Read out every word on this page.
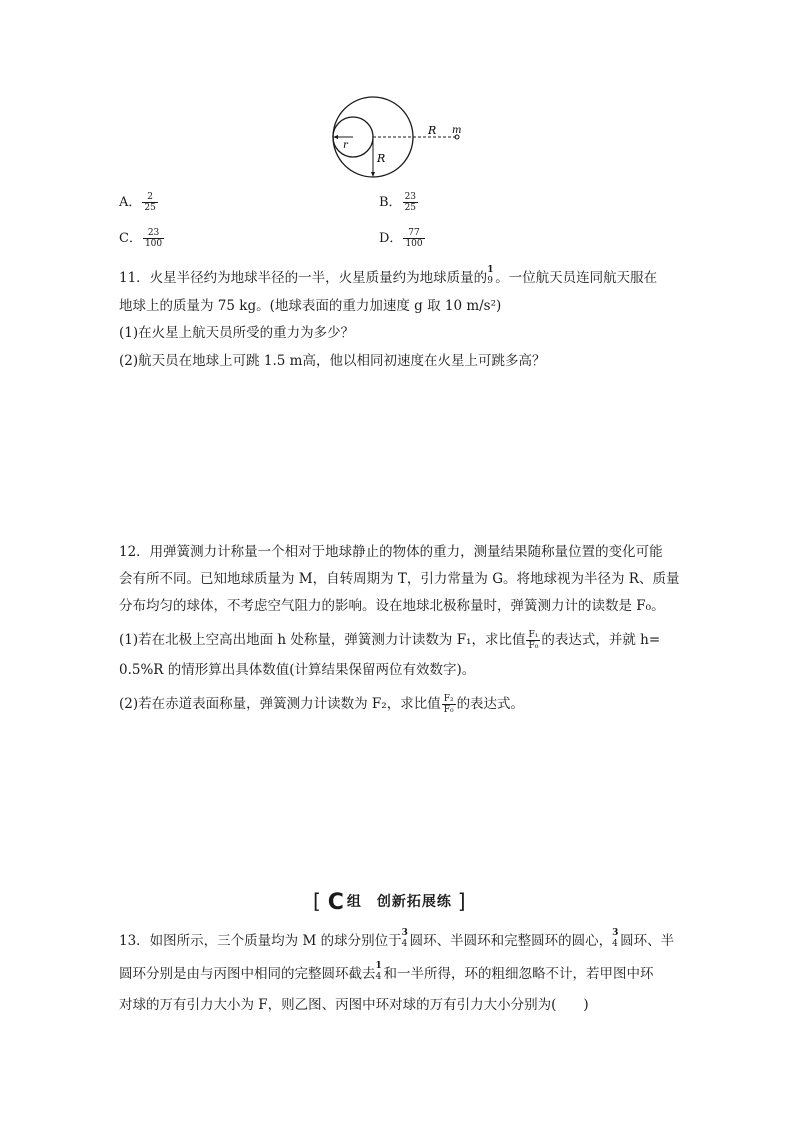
R m
r
R
A． $\frac{2}{25}$	B． $\frac{23}{25}$
C． $\frac{23}{100}$	D． $\frac{77}{100}$
11．火星半径约为地球半径的一半，火星质量约为地球质量的 1
9 。一位航天员连同航天服在
地球上的质量为 75 kg。(地球表面的重力加速度 g 取 10 m/s²)
(1)在火星上航天员所受的重力为多少？
(2)航天员在地球上可跳 1.5 m高，他以相同初速度在火星上可跳多高？
12．用弹簧测力计称量一个相对于地球静止的物体的重力，测量结果随称量位置的变化可能
会有所不同。已知地球质量为 M，自转周期为 T，引力常量为 G。将地球视为半径为 R、质量
分布均匀的球体，不考虑空气阻力的影响。设在地球北极称量时，弹簧测力计的读数是 F₀。
(1)若在北极上空高出地面 h 处称量，弹簧测力计读数为 F₁，求比值 $\frac{\text{F₁}}{\text{F₀}}$ 的表达式，并就 h=
0.5%R 的情形算出具体数值(计算结果保留两位有效数字)。
(2)若在赤道表面称量，弹簧测力计读数为 F₂，求比值 $\frac{\text{F₂}}{\text{F₀}}$ 的表达式。
[ C 组　创新拓展练 ]
13．如图所示，三个质量均为 M 的球分别位于 3
4 圆环、半圆环和完整圆环的圆心， 3
4 圆环、半
圆环分别是由与丙图中相同的完整圆环截去 1
4 和一半所得，环的粗细忽略不计，若甲图中环
对球的万有引力大小为 F，则乙图、丙图中环对球的万有引力大小分别为(　　)
